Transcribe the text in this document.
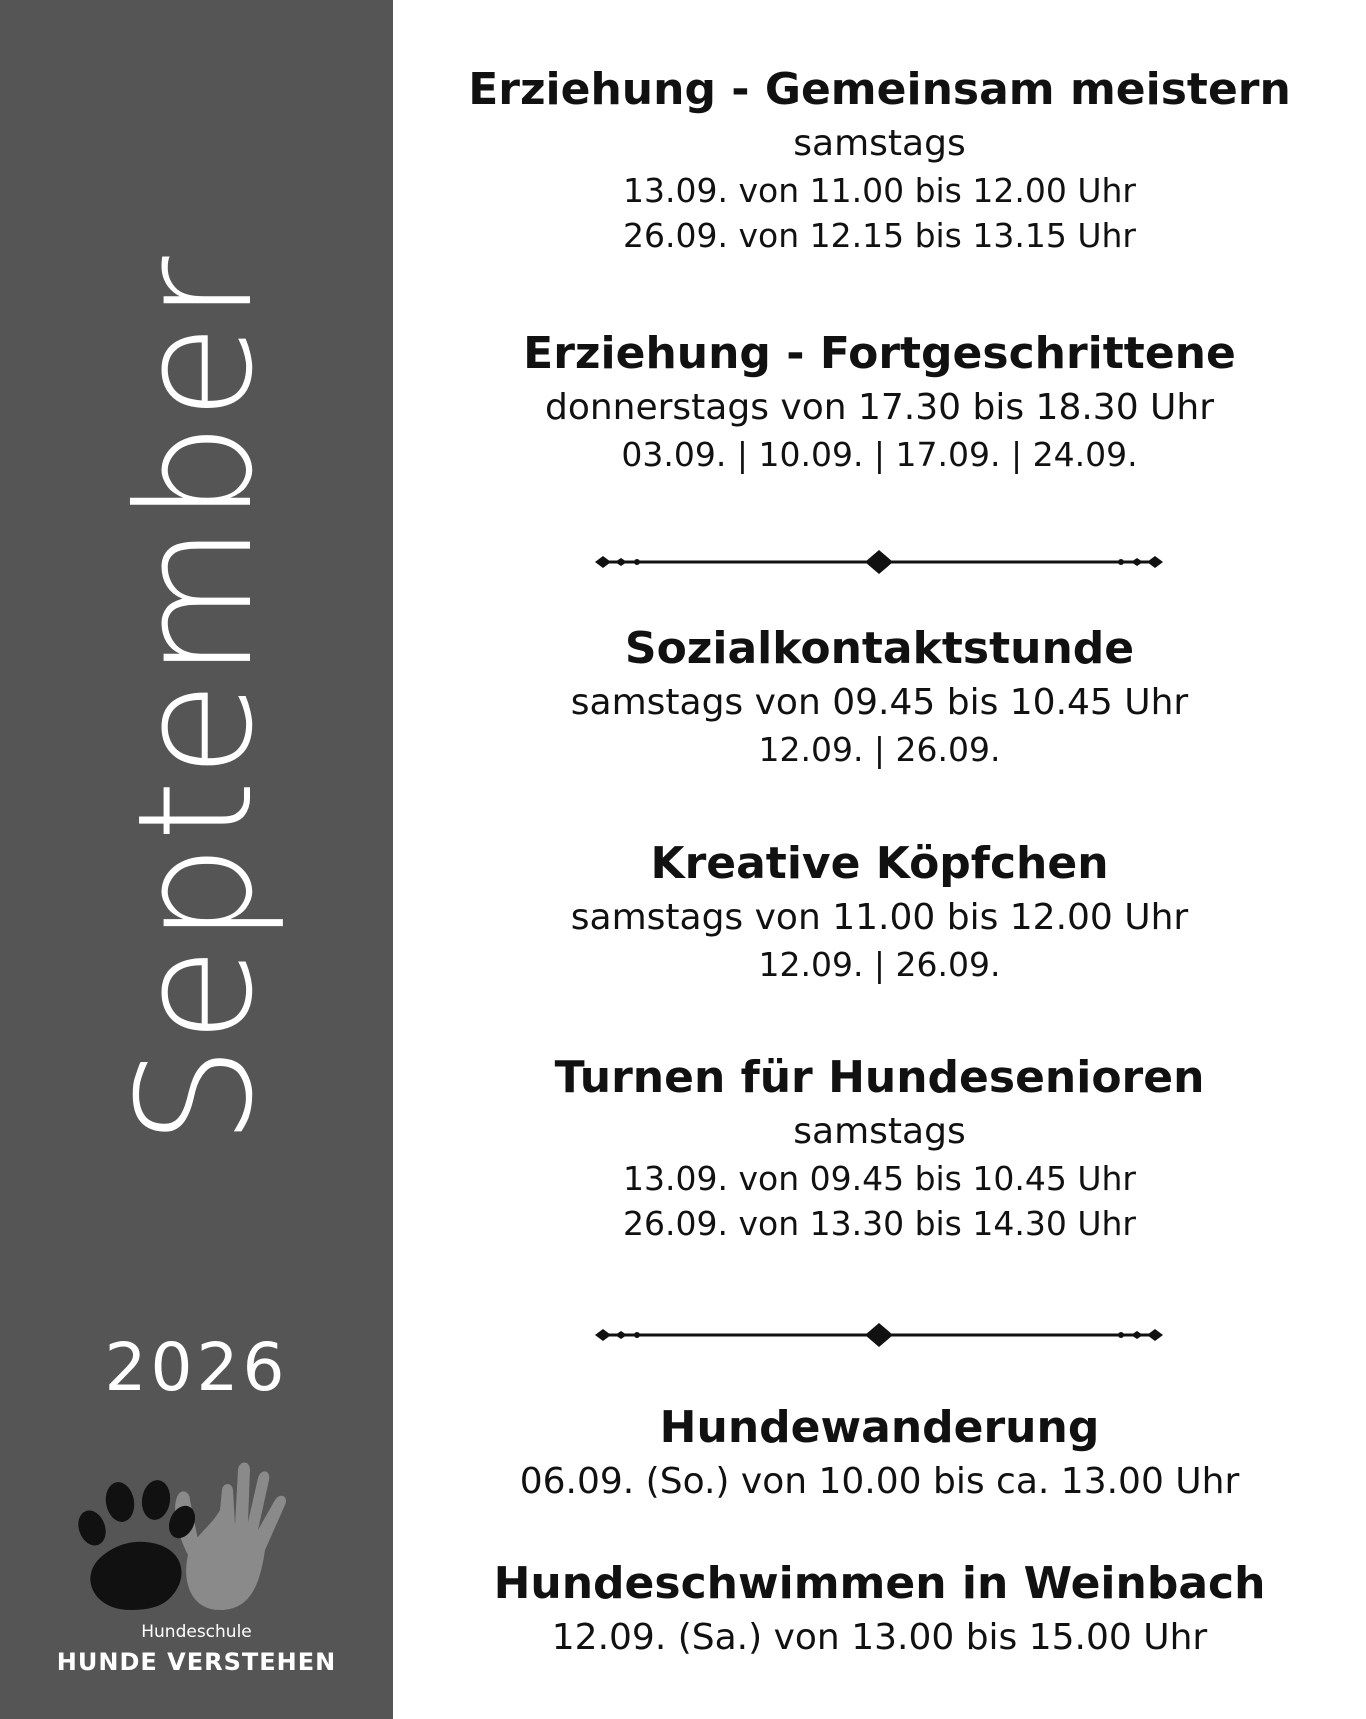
September
2026
Hundeschule
HUNDE VERSTEHEN
Erziehung - Gemeinsam meistern
samstags
13.09. von 11.00 bis 12.00 Uhr
26.09. von 12.15 bis 13.15 Uhr
Erziehung - Fortgeschrittene
donnerstags von 17.30 bis 18.30 Uhr
03.09. | 10.09. | 17.09. | 24.09.
Sozialkontaktstunde
samstags von 09.45 bis 10.45 Uhr
12.09. | 26.09.
Kreative Köpfchen
samstags von 11.00 bis 12.00 Uhr
12.09. | 26.09.
Turnen für Hundesenioren
samstags
13.09. von 09.45 bis 10.45 Uhr
26.09. von 13.30 bis 14.30 Uhr
Hundewanderung
06.09. (So.) von 10.00 bis ca. 13.00 Uhr
Hundeschwimmen in Weinbach
12.09. (Sa.) von 13.00 bis 15.00 Uhr
